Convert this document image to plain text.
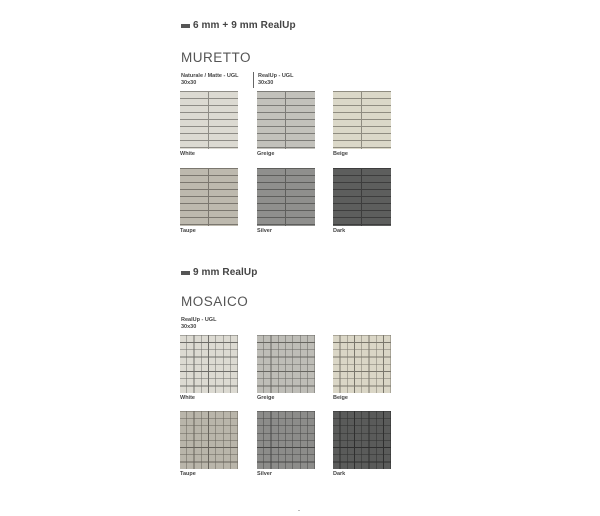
6 mm + 9 mm RealUp
MURETTO
Naturale / Matte - UGL
30x30
RealUp - UGL
30x30
White	Greige	Beige
Taupe	Silver	Dark
9 mm RealUp
MOSAICO
RealUp - UGL
30x30
White	Greige	Beige
Taupe	Silver	Dark
